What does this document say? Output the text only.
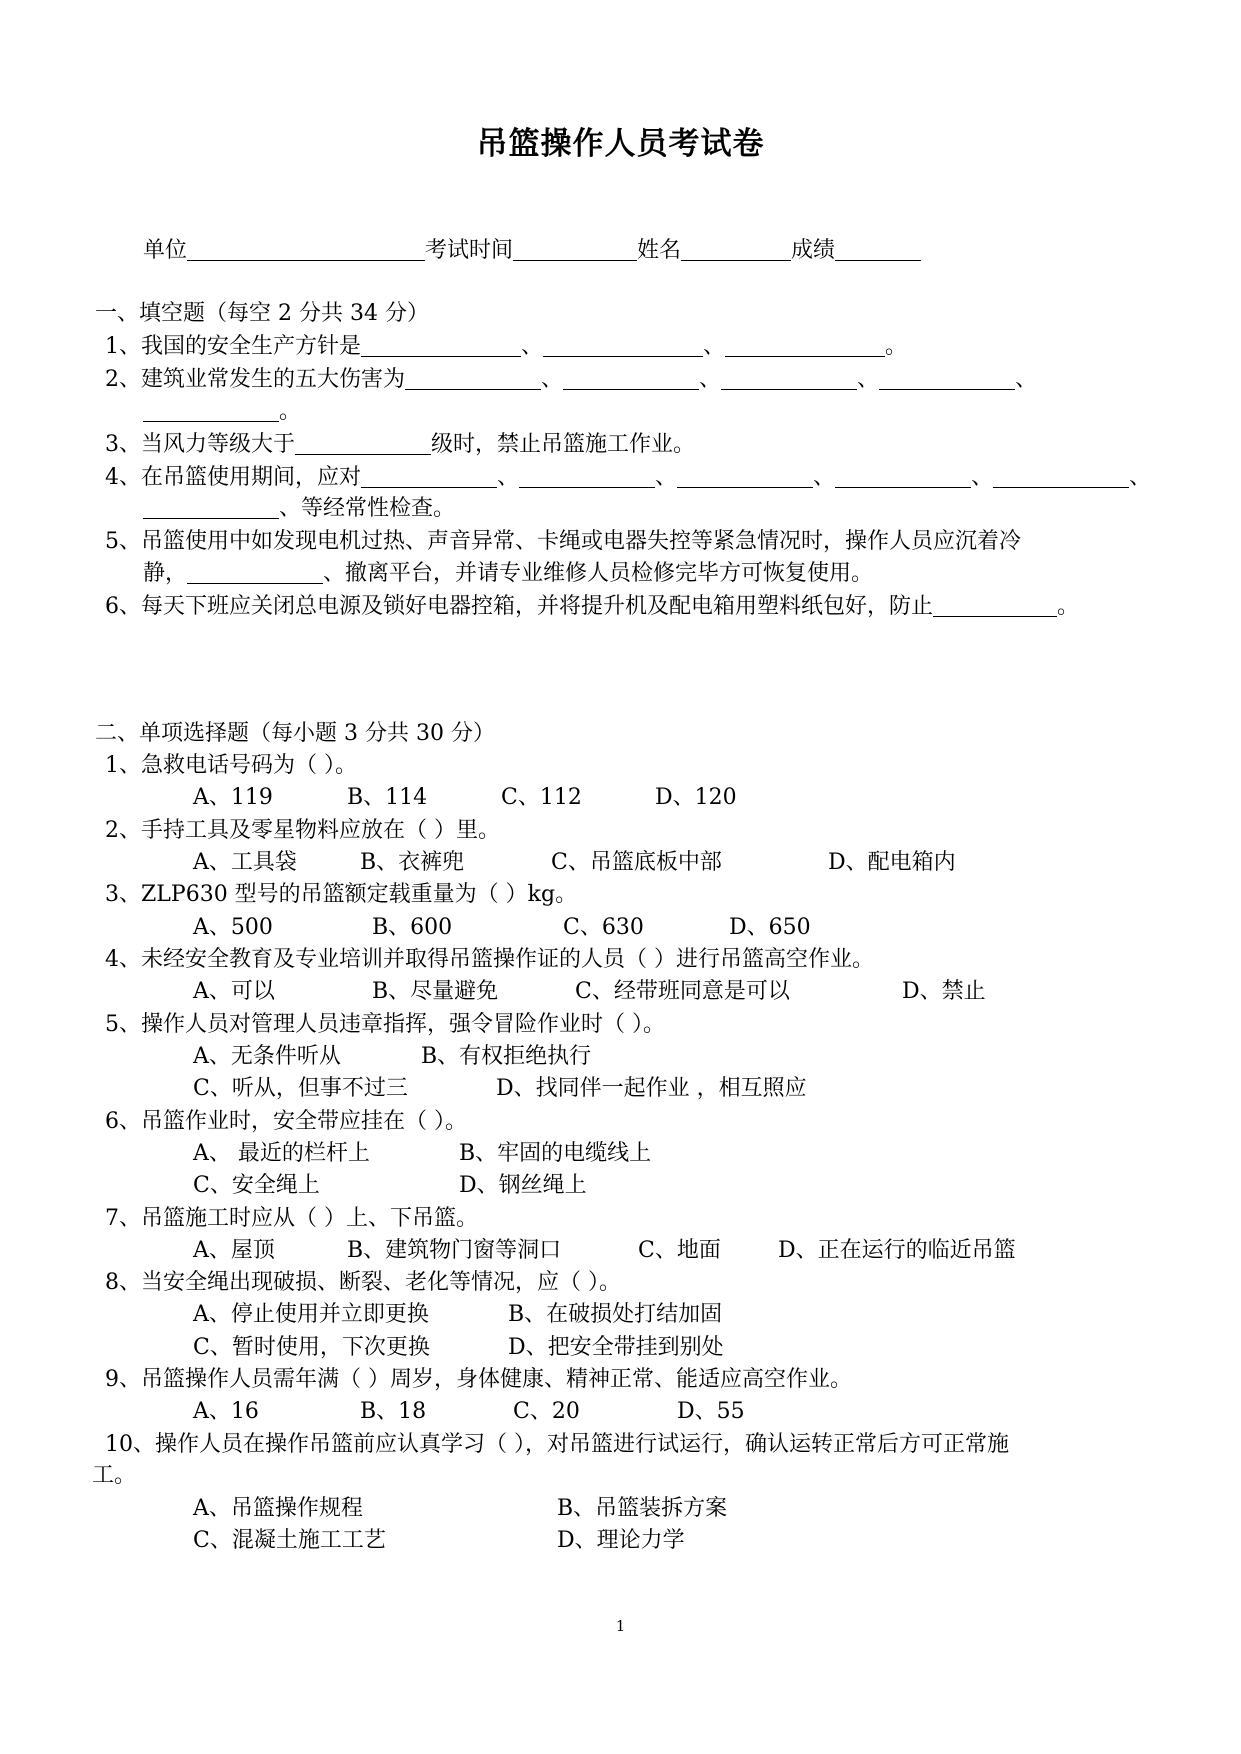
吊篮操作人员考试卷
单位	考试时间	姓名	成绩
一、填空题（每空 2 分共 34 分）
1、我国的安全生产方针是	、	、	。
2、建筑业常发生的五大伤害为	、	、	、	、
。
3、当风力等级大于	级时，禁止吊篮施工作业。
4、在吊篮使用期间，应对	、	、	、	、	、
、等经常性检查。
5、吊篮使用中如发现电机过热、声音异常、卡绳或电器失控等紧急情况时，操作人员应沉着冷
静，	、撤离平台，并请专业维修人员检修完毕方可恢复使用。
6、每天下班应关闭总电源及锁好电器控箱，并将提升机及配电箱用塑料纸包好，防止	。
二、单项选择题（每小题 3 分共 30 分）
1、急救电话号码为（ ）。
A、119	B、114	C、112	D、120
2、手持工具及零星物料应放在（ ）里。
A、工具袋	B、衣裤兜	C、吊篮底板中部	D、配电箱内
3、ZLP630 型号的吊篮额定载重量为（ ）kg。
A、500	B、600	C、630	D、650
4、未经安全教育及专业培训并取得吊篮操作证的人员（ ）进行吊篮高空作业。
A、可以	B、尽量避免	C、经带班同意是可以	D、禁止
5、操作人员对管理人员违章指挥，强令冒险作业时（ ）。
A、无条件听从	B、有权拒绝执行
C、听从，但事不过三	D、找同伴一起作业 ，相互照应
6、吊篮作业时，安全带应挂在（ ）。
A、 最近的栏杆上	B、牢固的电缆线上
C、安全绳上	D、钢丝绳上
7、吊篮施工时应从（ ）上、下吊篮。
A、屋顶	B、建筑物门窗等洞口	C、地面	D、正在运行的临近吊篮
8、当安全绳出现破损、断裂、老化等情况，应（ ）。
A、停止使用并立即更换	B、在破损处打结加固
C、暂时使用，下次更换	D、把安全带挂到别处
9、吊篮操作人员需年满（ ）周岁，身体健康、精神正常、能适应高空作业。
A、16	B、18	C、20	D、55
10、操作人员在操作吊篮前应认真学习（ ），对吊篮进行试运行，确认运转正常后方可正常施
工。
A、吊篮操作规程	B、吊篮装拆方案
C、混凝土施工工艺	D、理论力学
1
